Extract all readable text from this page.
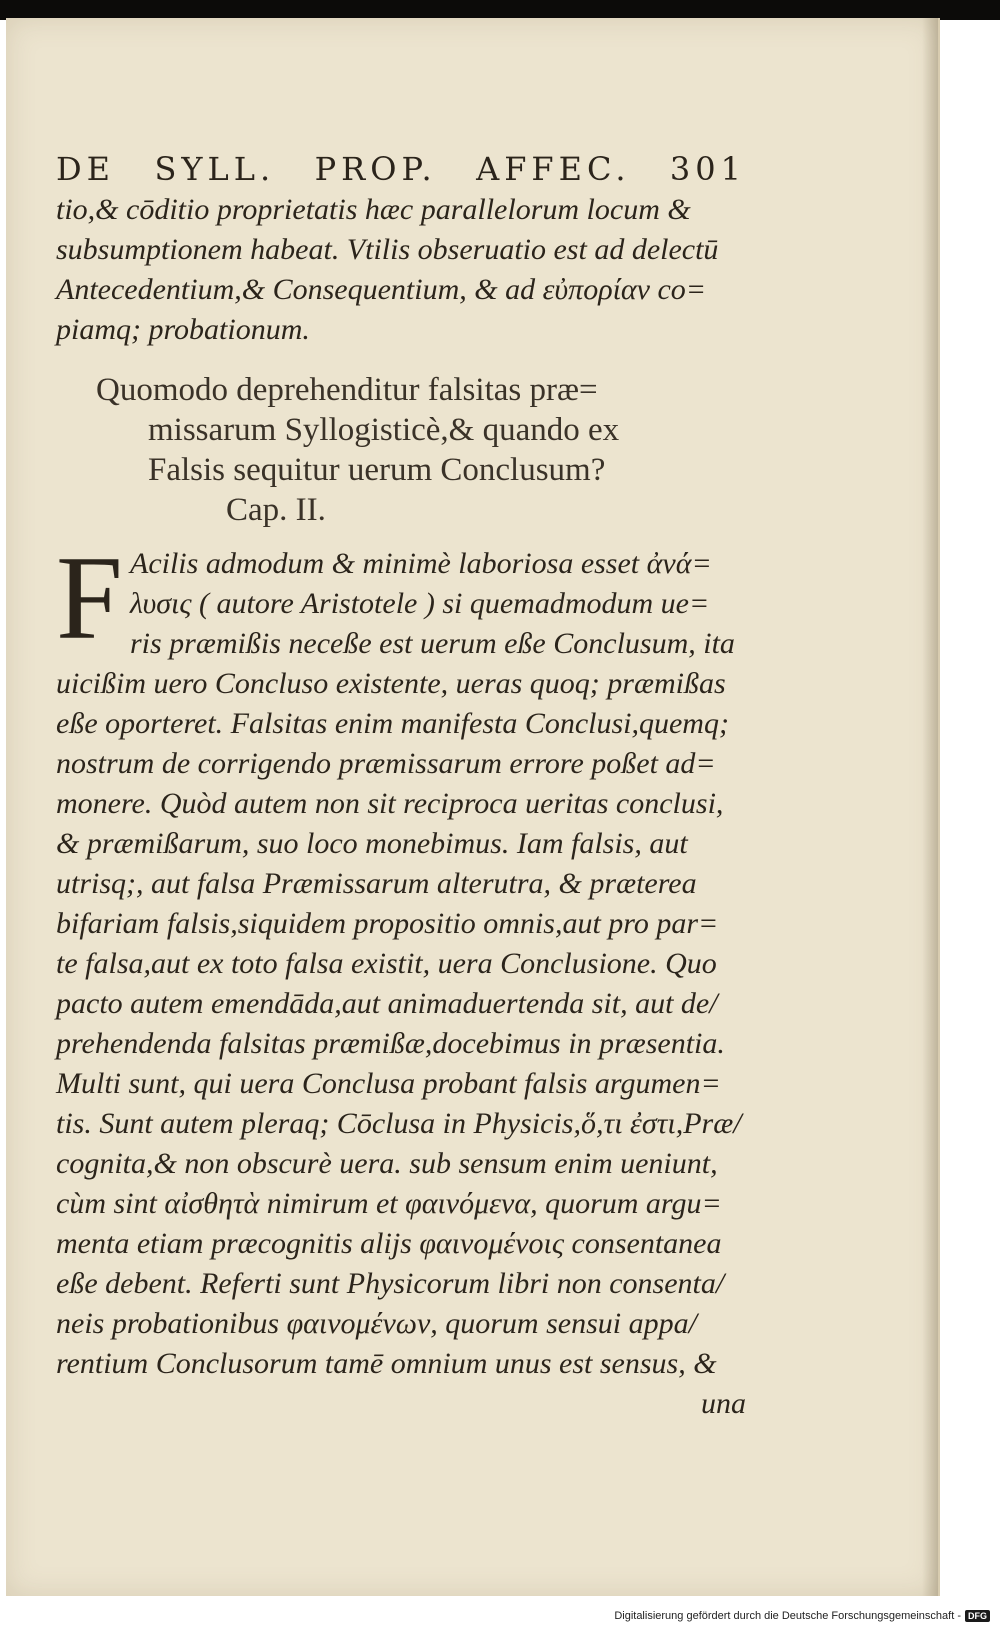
DE SYLL. PROP. AFFEC. 301

tio,& cōditio proprietatis hæc parallelorum locum &

subsumptionem habeat. Vtilis obseruatio est ad delectū

Antecedentium,& Consequentium, & ad εὐπορίαν co=

piamq; probationum.

Quomodo deprehenditur falsitas præ=
missarum Syllogisticè,& quando ex
Falsis sequitur uerum Conclusum?
Cap. II.
F Acilis admodum & minimè laboriosa esset ἀνά=

λυσις ( autore Aristotele ) si quemadmodum ue=

ris præmißis neceße est uerum eße Conclusum, ita

uicißim uero Concluso existente, ueras quoq; præmißas

eße oporteret. Falsitas enim manifesta Conclusi,quemq;

nostrum de corrigendo præmissarum errore poßet ad=

monere. Quòd autem non sit reciproca ueritas conclusi,

& præmißarum, suo loco monebimus. Iam falsis, aut

utrisq;, aut falsa Præmissarum alterutra, & præterea

bifariam falsis,siquidem propositio omnis,aut pro par=

te falsa,aut ex toto falsa existit, uera Conclusione. Quo

pacto autem emendāda,aut animaduertenda sit, aut de/

prehendenda falsitas præmißæ,docebimus in præsentia.

Multi sunt, qui uera Conclusa probant falsis argumen=

tis. Sunt autem pleraq; Cōclusa in Physicis,ὅ,τι ἐστι,Præ/

cognita,& non obscurè uera. sub sensum enim ueniunt,

cùm sint αἰσθητὰ nimirum et φαινόμενα, quorum argu=

menta etiam præcognitis alijs φαινομένοις consentanea

eße debent. Referti sunt Physicorum libri non consenta/

neis probationibus φαινομένων, quorum sensui appa/

rentium Conclusorum tamē omnium unus est sensus, &

una

Digitalisierung gefördert durch die Deutsche Forschungsgemeinschaft - DFG
